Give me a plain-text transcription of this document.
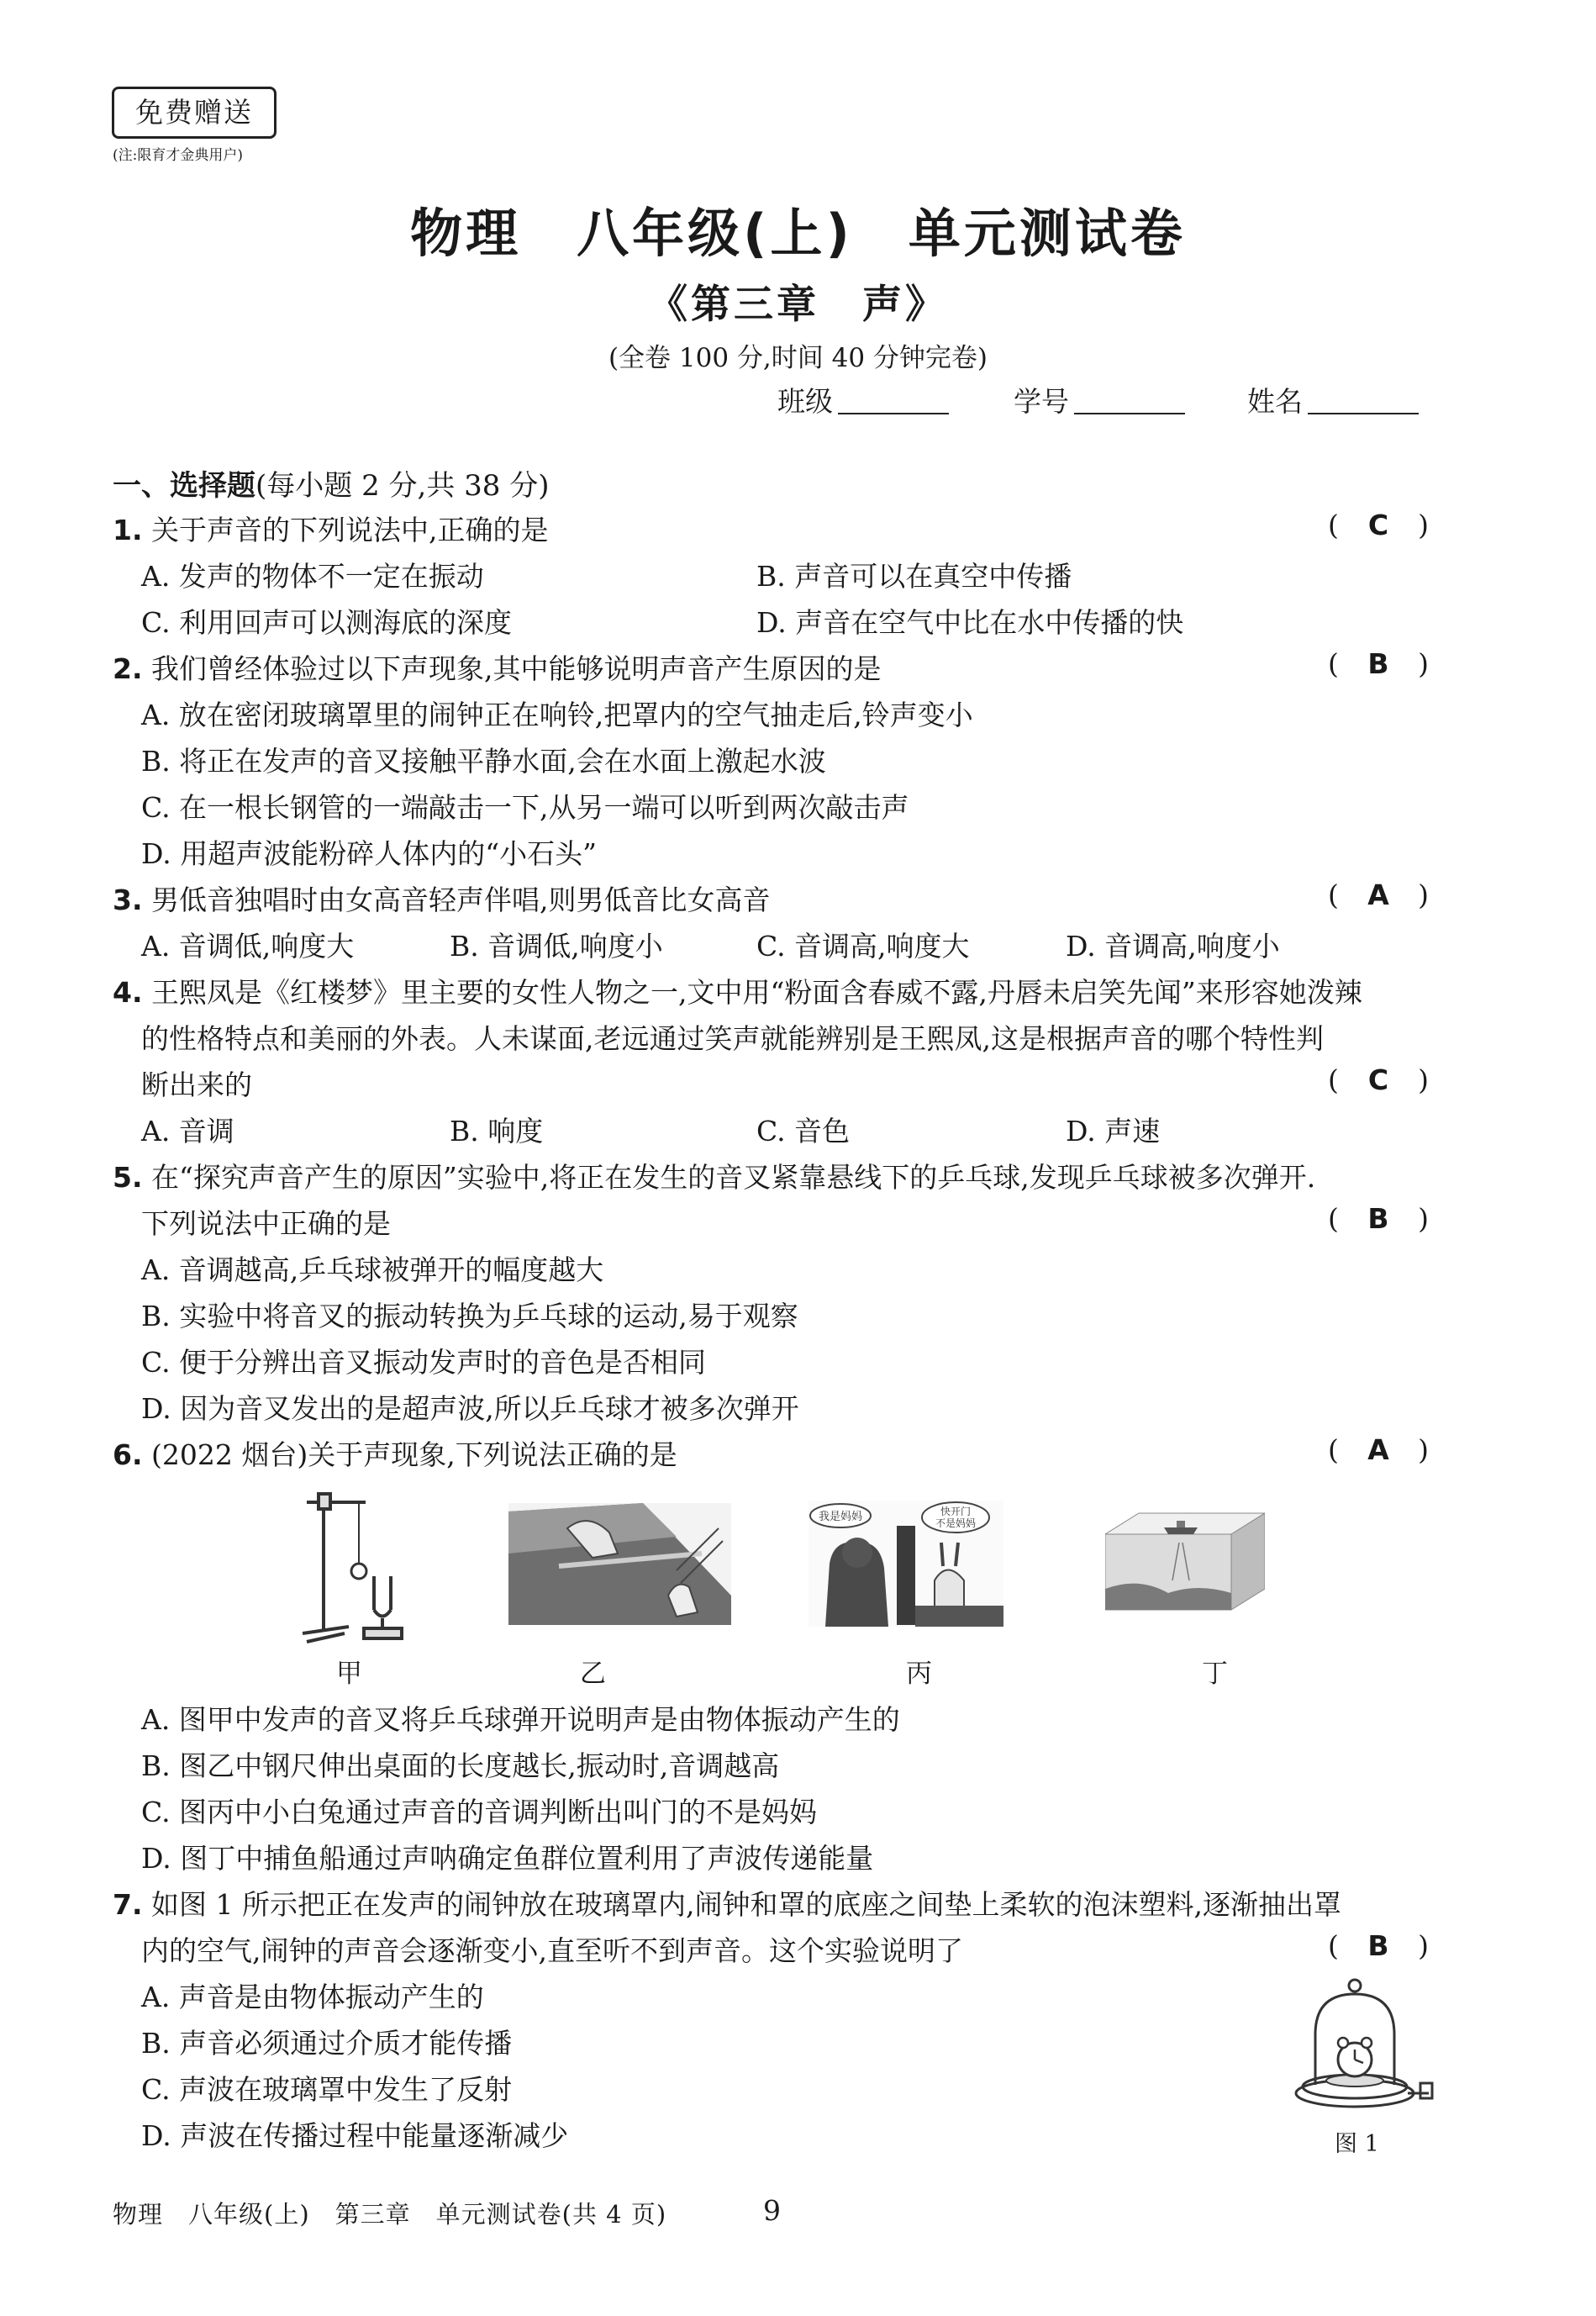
免费赠送
(注:限育才金典用户)
物理　八年级(上)　单元测试卷
《第三章　声》
(全卷 100 分,时间 40 分钟完卷)
班级	学号	姓名
一、选择题(每小题 2 分,共 38 分)
1. 关于声音的下列说法中,正确的是	(	C	)
A. 发声的物体不一定在振动	B. 声音可以在真空中传播
C. 利用回声可以测海底的深度	D. 声音在空气中比在水中传播的快
2. 我们曾经体验过以下声现象,其中能够说明声音产生原因的是	(	B	)
A. 放在密闭玻璃罩里的闹钟正在响铃,把罩内的空气抽走后,铃声变小
B. 将正在发声的音叉接触平静水面,会在水面上激起水波
C. 在一根长钢管的一端敲击一下,从另一端可以听到两次敲击声
D. 用超声波能粉碎人体内的“小石头”
3. 男低音独唱时由女高音轻声伴唱,则男低音比女高音	(	A	)
A. 音调低,响度大	B. 音调低,响度小	C. 音调高,响度大	D. 音调高,响度小
4. 王熙凤是《红楼梦》里主要的女性人物之一,文中用“粉面含春威不露,丹唇未启笑先闻”来形容她泼辣
的性格特点和美丽的外表。人未谋面,老远通过笑声就能辨别是王熙凤,这是根据声音的哪个特性判
断出来的	(	C	)
A. 音调	B. 响度	C. 音色	D. 声速
5. 在“探究声音产生的原因”实验中,将正在发生的音叉紧靠悬线下的乒乓球,发现乒乓球被多次弹开.
下列说法中正确的是	(	B	)
A. 音调越高,乒乓球被弹开的幅度越大
B. 实验中将音叉的振动转换为乒乓球的运动,易于观察
C. 便于分辨出音叉振动发声时的音色是否相同
D. 因为音叉发出的是超声波,所以乒乓球才被多次弹开
6. (2022 烟台)关于声现象,下列说法正确的是	(	A	)
甲	乙
我是妈妈	快开门
不是妈妈
丙	丁
A. 图甲中发声的音叉将乒乓球弹开说明声是由物体振动产生的
B. 图乙中钢尺伸出桌面的长度越长,振动时,音调越高
C. 图丙中小白兔通过声音的音调判断出叫门的不是妈妈
D. 图丁中捕鱼船通过声呐确定鱼群位置利用了声波传递能量
7. 如图 1 所示把正在发声的闹钟放在玻璃罩内,闹钟和罩的底座之间垫上柔软的泡沫塑料,逐渐抽出罩
内的空气,闹钟的声音会逐渐变小,直至听不到声音。这个实验说明了	(	B	)
A. 声音是由物体振动产生的
B. 声音必须通过介质才能传播
C. 声波在玻璃罩中发生了反射
D. 声波在传播过程中能量逐渐减少	图 1
物理　八年级(上)　第三章　单元测试卷(共 4 页)	9
